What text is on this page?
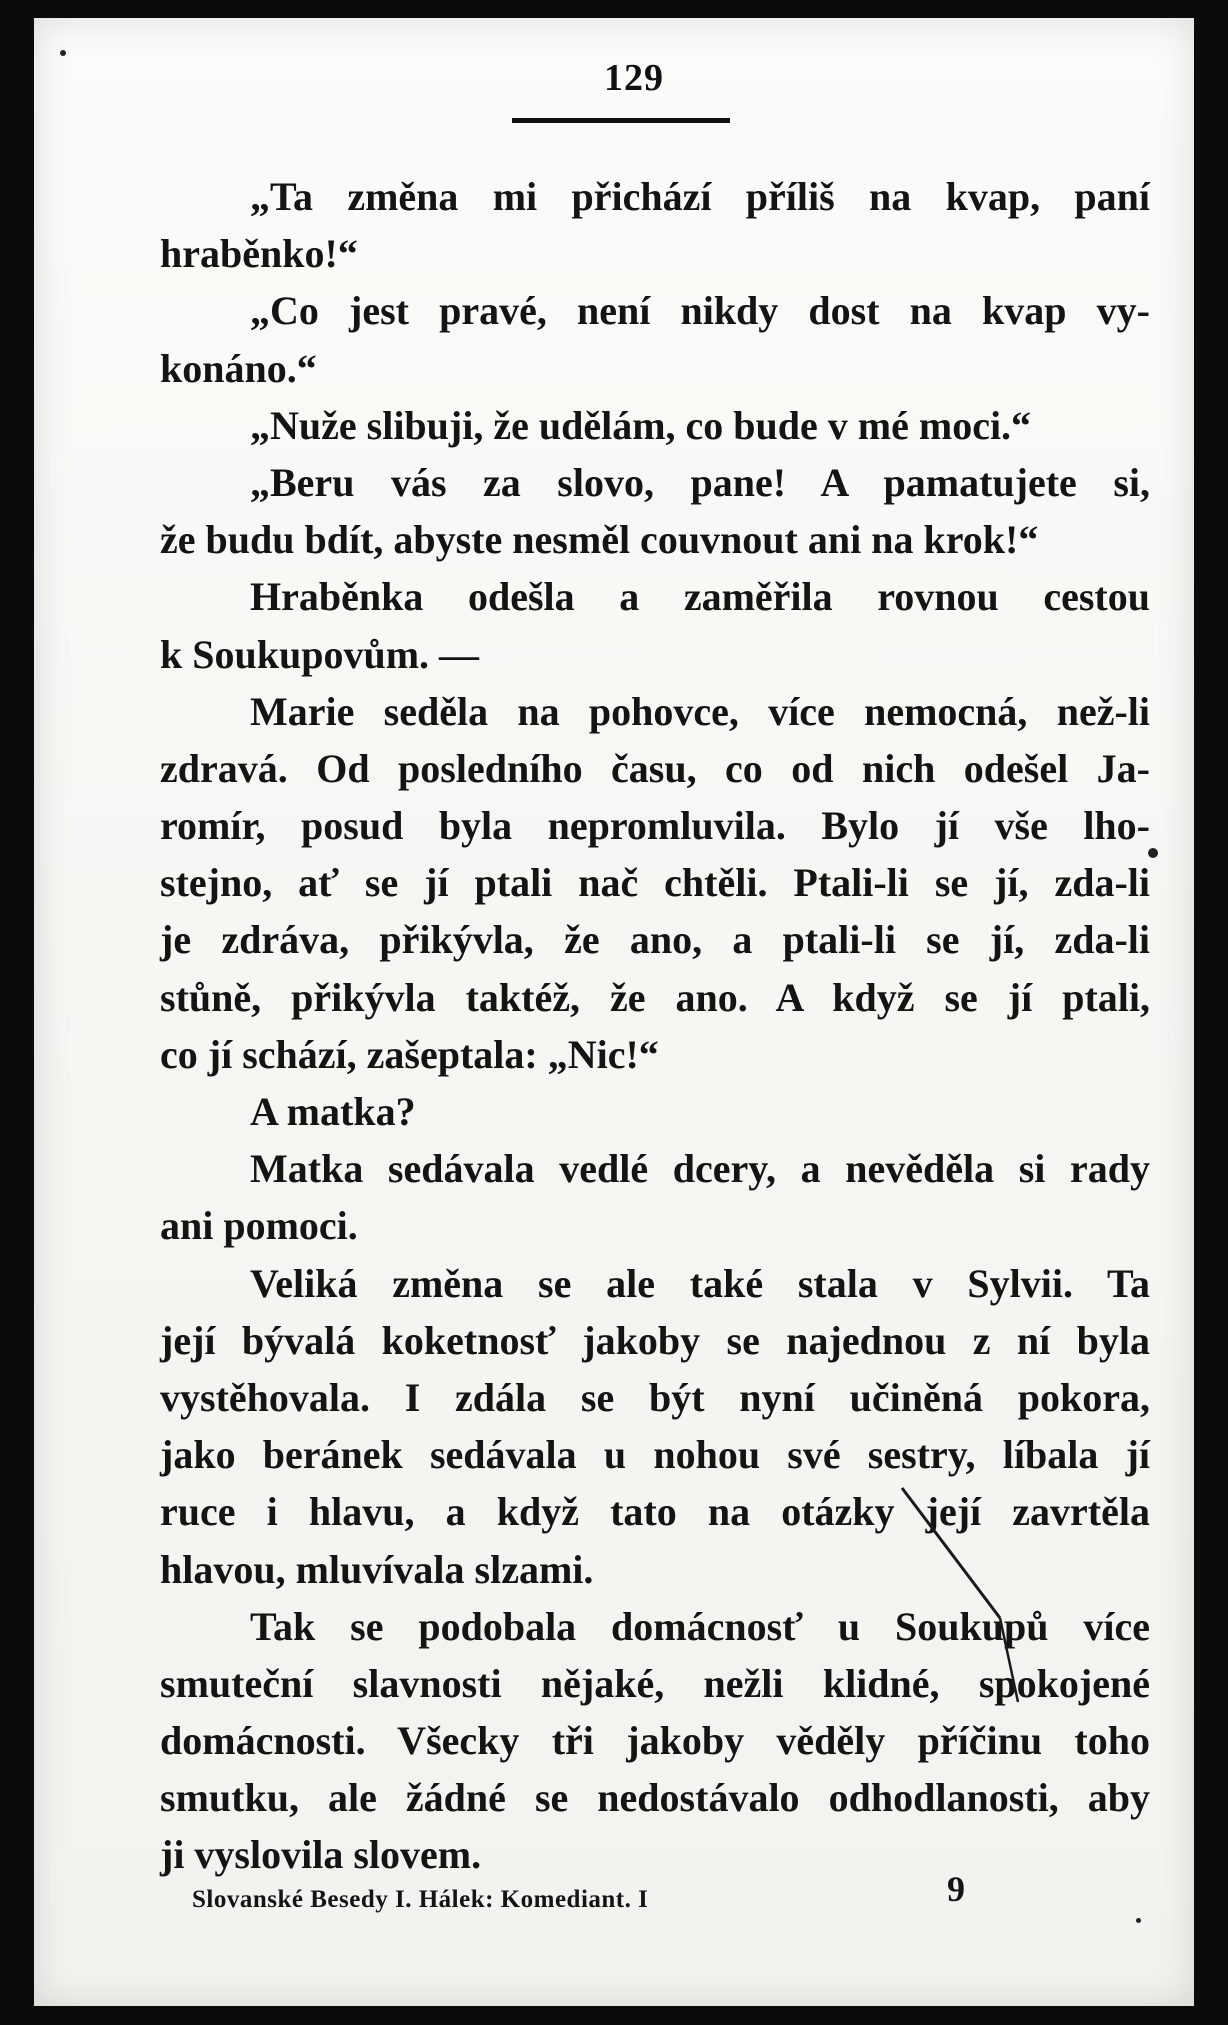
129
„Ta změna mi přichází příliš na kvap, paní
hraběnko!“
„Co jest pravé, není nikdy dost na kvap vy-
konáno.“
„Nuže slibuji, že udělám, co bude v mé moci.“
„Beru vás za slovo, pane! A pamatujete si,
že budu bdít, abyste nesměl couvnout ani na krok!“
Hraběnka odešla a zaměřila rovnou cestou
k Soukupovům. —
Marie seděla na pohovce, více nemocná, než-li
zdravá. Od posledního času, co od nich odešel Ja-
romír, posud byla nepromluvila. Bylo jí vše lho-
stejno, ať se jí ptali nač chtěli. Ptali-li se jí, zda-li
je zdráva, přikývla, že ano, a ptali-li se jí, zda-li
stůně, přikývla taktéž, že ano. A když se jí ptali,
co jí schází, zašeptala: „Nic!“
A matka?
Matka sedávala vedlé dcery, a nevěděla si rady
ani pomoci.
Veliká změna se ale také stala v Sylvii. Ta
její bývalá koketnosť jakoby se najednou z ní byla
vystěhovala. I zdála se být nyní učiněná pokora,
jako beránek sedávala u nohou své sestry, líbala jí
ruce i hlavu, a když tato na otázky její zavrtěla
hlavou, mluvívala slzami.
Tak se podobala domácnosť u Soukupů více
smuteční slavnosti nějaké, nežli klidné, spokojené
domácnosti. Všecky tři jakoby věděly příčinu toho
smutku, ale žádné se nedostávalo odhodlanosti, aby
ji vyslovila slovem.
Slovanské Besedy I. Hálek: Komediant. I	9
